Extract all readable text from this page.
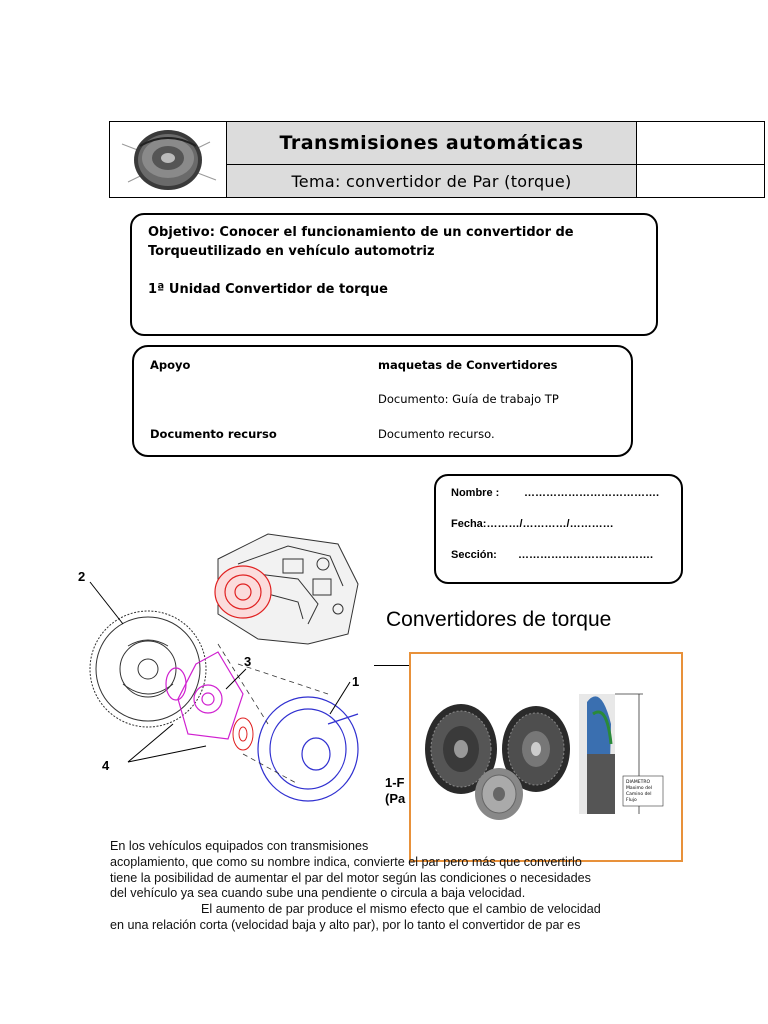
Transmisiones automáticas
Tema: convertidor de Par (torque)
Objetivo: Conocer el funcionamiento de un convertidor de
Torqueutilizado en vehículo automotriz
1ª Unidad Convertidor de torque
Apoyo	maquetas de Convertidores
Documento: Guía de trabajo TP
Documento recurso	Documento recurso.
Nombre : ……………………………….
Fecha:………/…………/…………
Sección: ……………………………….
2
3
4
1
Convertidores de torque
1-F
(Pa
DIAMETRO
Maximo del
Camino del
Flujo
En los vehículos equipados con transmisiones
acoplamiento, que como su nombre indica, convierte el par pero más que convertirlo
tiene la posibilidad de aumentar el par del motor según las condiciones o necesidades
del vehículo ya sea cuando sube una pendiente o circula a baja velocidad.
El aumento de par produce el mismo efecto que el cambio de velocidad
en una relación corta (velocidad baja y alto par), por lo tanto el convertidor de par es
